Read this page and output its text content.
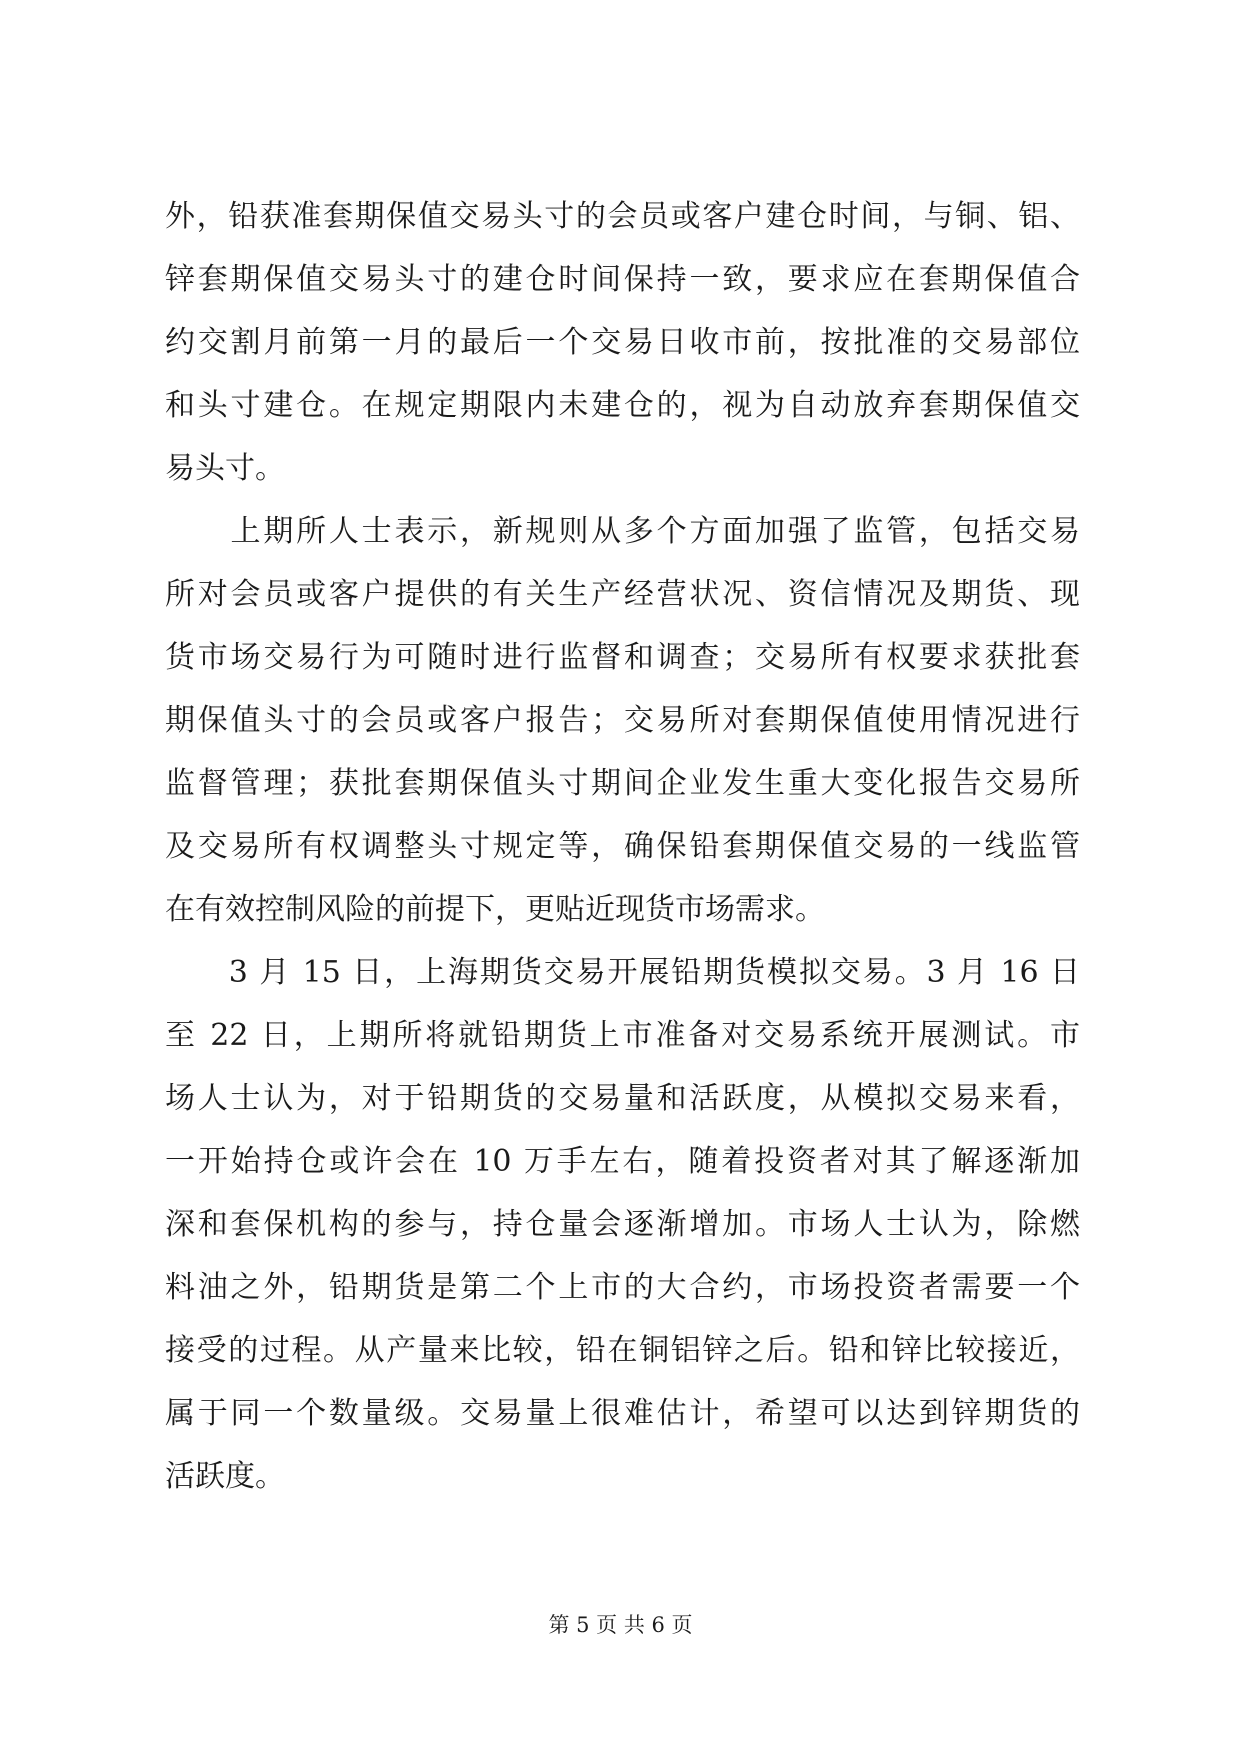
外，铅获准套期保值交易头寸的会员或客户建仓时间，与铜、铝、
锌套期保值交易头寸的建仓时间保持一致，要求应在套期保值合
约交割月前第一月的最后一个交易日收市前，按批准的交易部位
和头寸建仓。在规定期限内未建仓的，视为自动放弃套期保值交
易头寸。
　　上期所人士表示，新规则从多个方面加强了监管，包括交易
所对会员或客户提供的有关生产经营状况、资信情况及期货、现
货市场交易行为可随时进行监督和调查；交易所有权要求获批套
期保值头寸的会员或客户报告；交易所对套期保值使用情况进行
监督管理；获批套期保值头寸期间企业发生重大变化报告交易所
及交易所有权调整头寸规定等，确保铅套期保值交易的一线监管
在有效控制风险的前提下，更贴近现货市场需求。
　　3 月 15 日，上海期货交易开展铅期货模拟交易。3 月 16 日
至 22 日，上期所将就铅期货上市准备对交易系统开展测试。市
场人士认为，对于铅期货的交易量和活跃度，从模拟交易来看，
一开始持仓或许会在 10 万手左右，随着投资者对其了解逐渐加
深和套保机构的参与，持仓量会逐渐增加。市场人士认为，除燃
料油之外，铅期货是第二个上市的大合约，市场投资者需要一个
接受的过程。从产量来比较，铅在铜铝锌之后。铅和锌比较接近，
属于同一个数量级。交易量上很难估计，希望可以达到锌期货的
活跃度。
第 5 页 共 6 页
